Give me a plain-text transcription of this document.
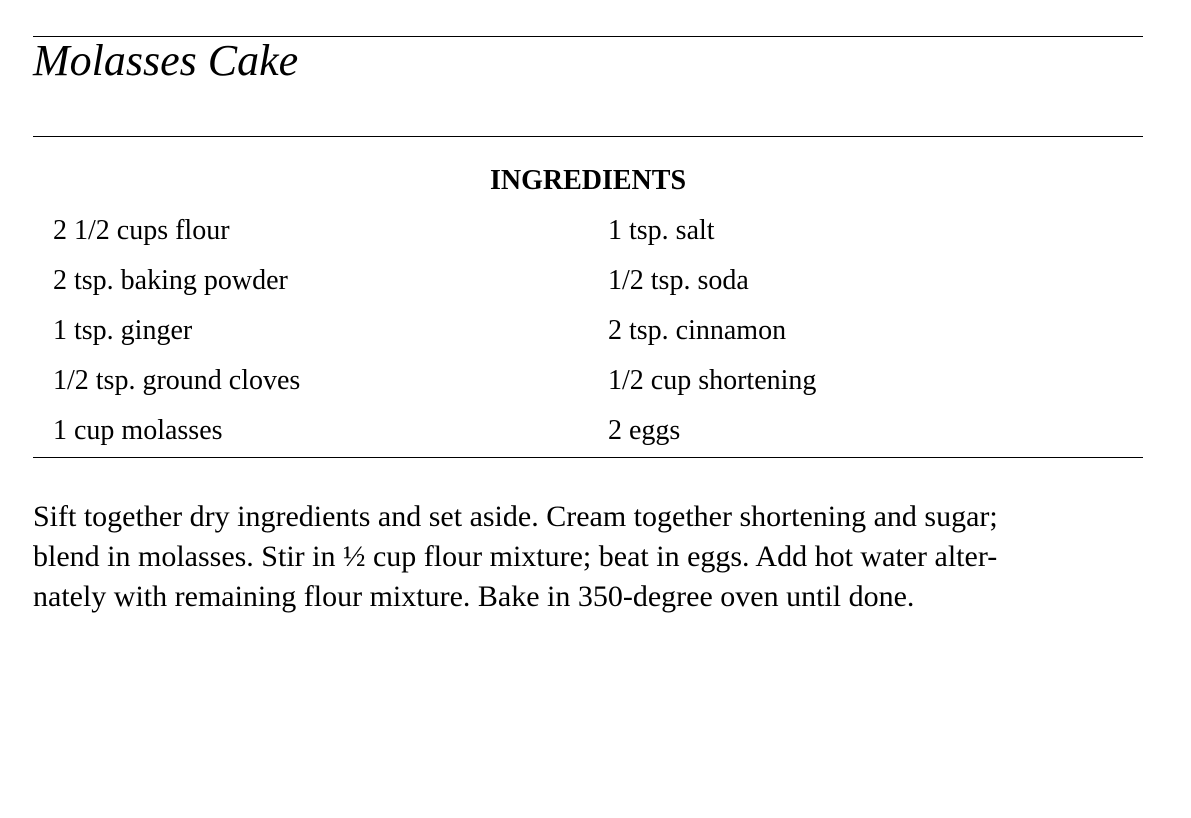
Molasses Cake
INGREDIENTS
2 1/2 cups flour	1 tsp. salt
2 tsp. baking powder	1/2 tsp. soda
1 tsp. ginger	2 tsp. cinnamon
1/2 tsp. ground cloves	1/2 cup shortening
1 cup molasses	2 eggs

Sift together dry ingredients and set aside. Cream together shortening and sugar;
blend in molasses. Stir in ½ cup flour mixture; beat in eggs. Add hot water alter-
nately with remaining flour mixture. Bake in 350-degree oven until done.
